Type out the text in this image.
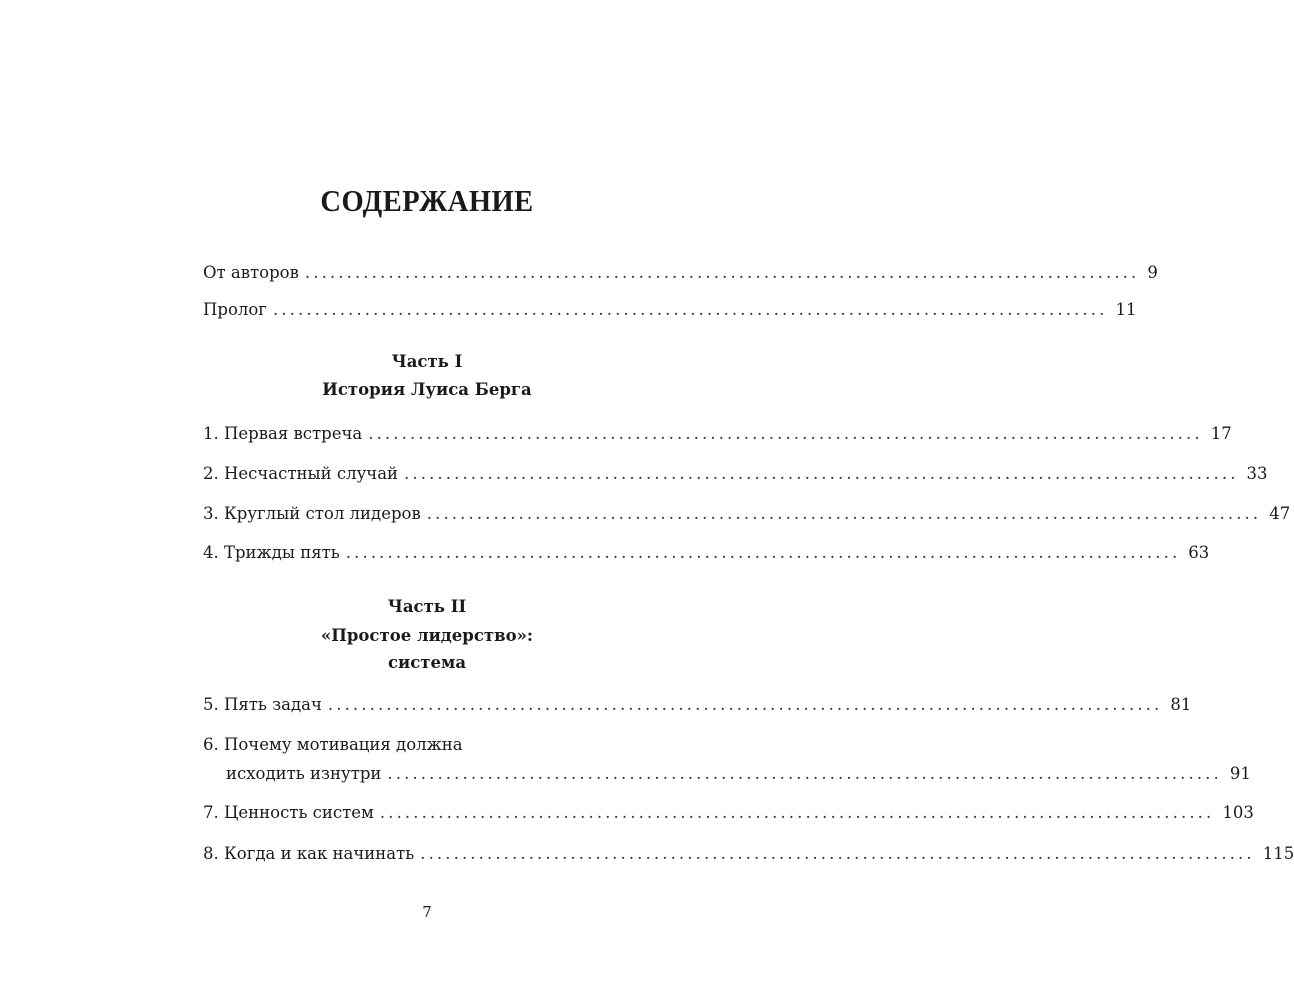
СОДЕРЖАНИЕ
От авторов .................................................................................................... 9
Пролог .................................................................................................... 11
Часть I
История Луиса Берга
1. Первая встреча .................................................................................................... 17
2. Несчастный случай .................................................................................................... 33
3. Круглый стол лидеров .................................................................................................... 47
4. Трижды пять .................................................................................................... 63
Часть II
«Простое лидерство»:
система
5. Пять задач .................................................................................................... 81
6. Почему мотивация должна
исходить изнутри .................................................................................................... 91
7. Ценность систем .................................................................................................... 103
8. Когда и как начинать .................................................................................................... 115
7
